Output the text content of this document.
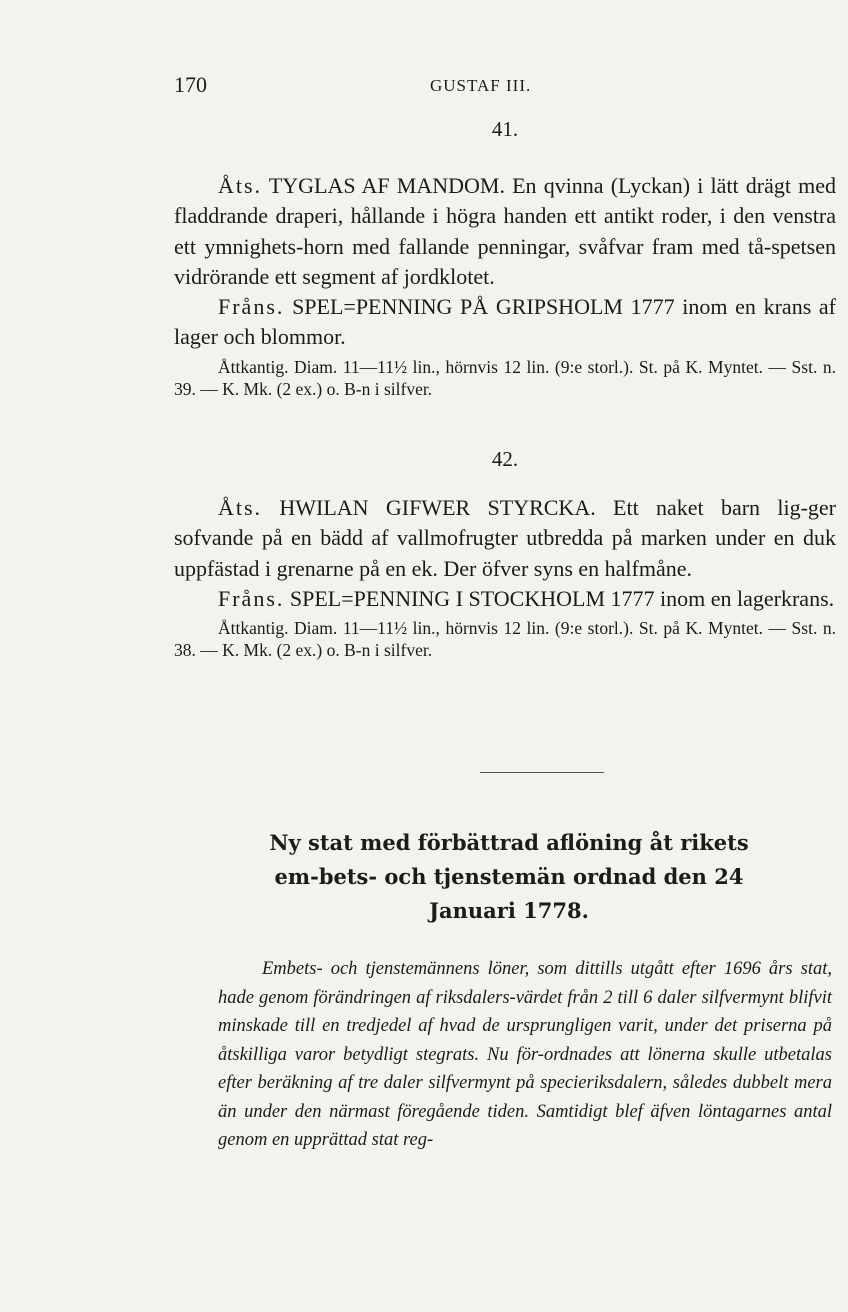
170	GUSTAF III.
41.

Åts. TYGLAS AF MANDOM. En qvinna (Lyckan) i lätt drägt med fladdrande draperi, hållande i högra handen ett antikt roder, i den venstra ett ymnighets-horn med fallande penningar, svåfvar fram med tå-spetsen vidrörande ett segment af jordklotet.

Fråns. SPEL=PENNING PÅ GRIPSHOLM 1777 inom en krans af lager och blommor.

Åttkantig. Diam. 11—11½ lin., hörnvis 12 lin. (9:e storl.). St. på K. Myntet. — Sst. n. 39. — K. Mk. (2 ex.) o. B-n i silfver.

42.

Åts. HWILAN GIFWER STYRCKA. Ett naket barn lig-ger sofvande på en bädd af vallmofrugter utbredda på marken under en duk uppfästad i grenarne på en ek. Der öfver syns en halfmåne.

Fråns. SPEL=PENNING I STOCKHOLM 1777 inom en lagerkrans.

Åttkantig. Diam. 11—11½ lin., hörnvis 12 lin. (9:e storl.). St. på K. Myntet. — Sst. n. 38. — K. Mk. (2 ex.) o. B-n i silfver.

Ny stat med förbättrad aflöning åt rikets em-bets- och tjenstemän ordnad den 24 Januari 1778.

Embets- och tjenstemännens löner, som dittills utgått efter 1696 års stat, hade genom förändringen af riksdalers-värdet från 2 till 6 daler silfvermynt blifvit minskade till en tredjedel af hvad de ursprungligen varit, under det priserna på åtskilliga varor betydligt stegrats. Nu för-ordnades att lönerna skulle utbetalas efter beräkning af tre daler silfvermynt på specieriksdalern, således dubbelt mera än under den närmast föregående tiden. Samtidigt blef äfven löntagarnes antal genom en upprättad stat reg-
